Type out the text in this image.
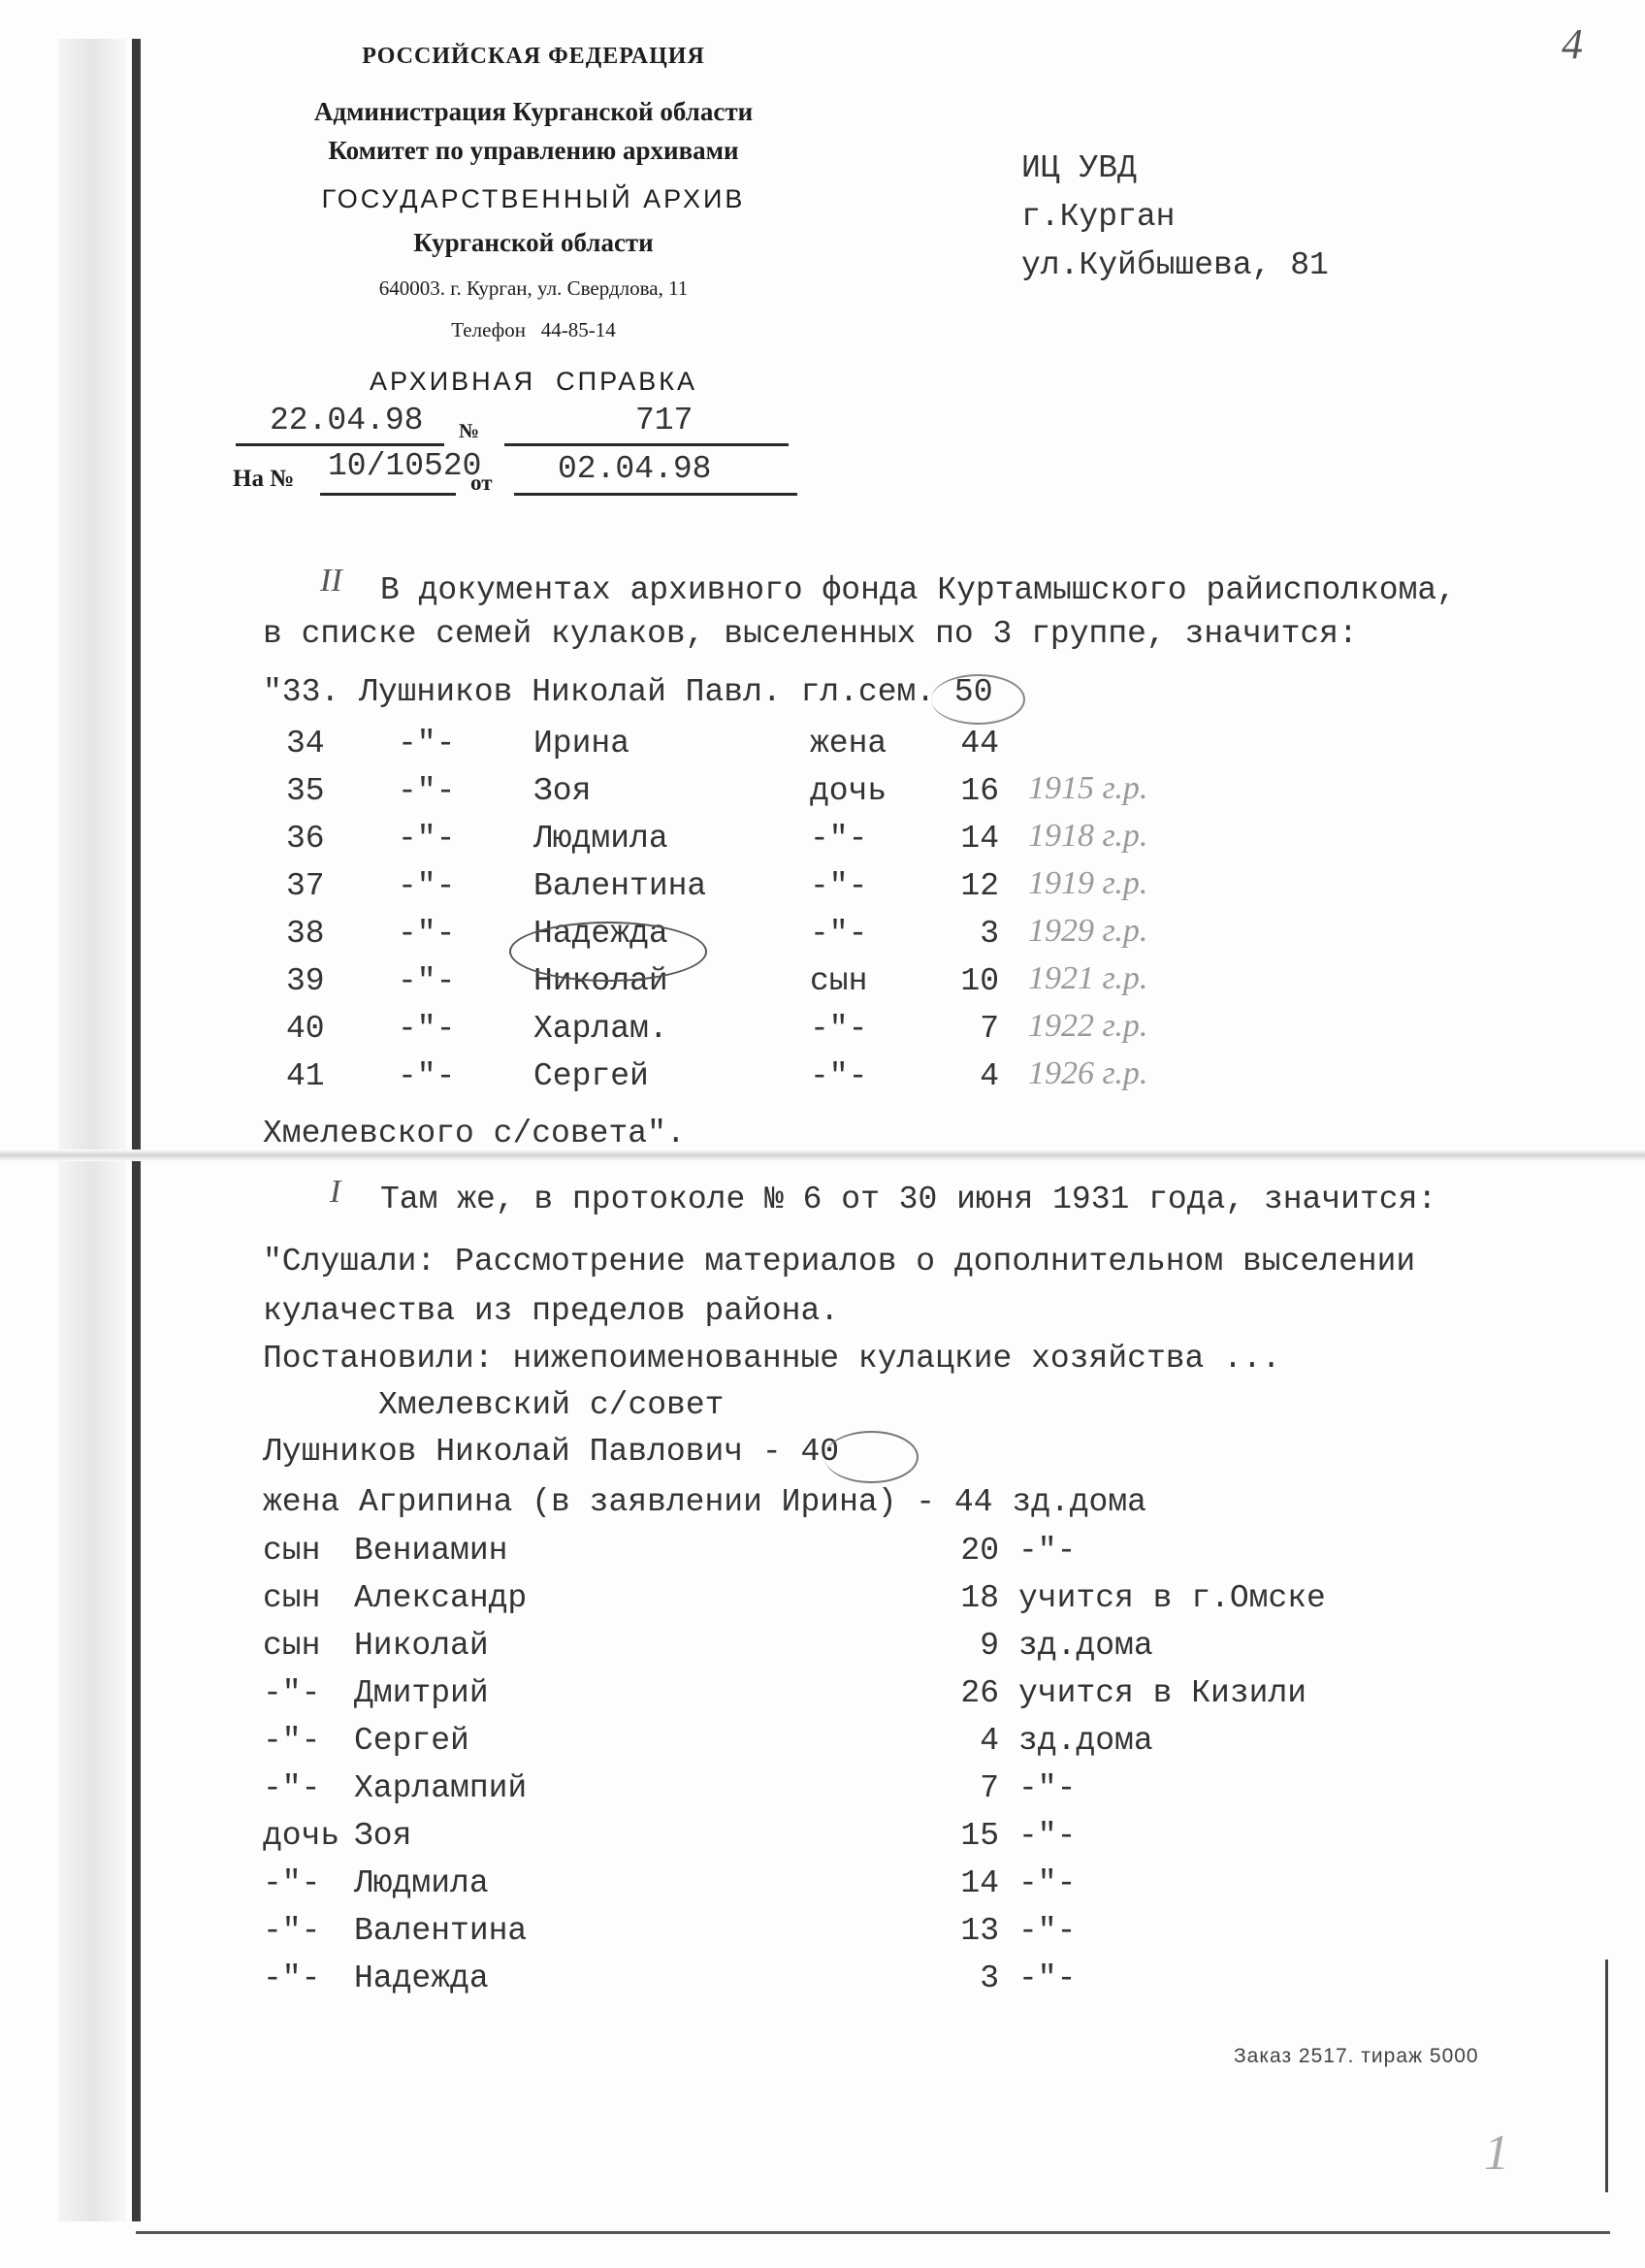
4
РОССИЙСКАЯ ФЕДЕРАЦИЯ
Администрация Курганской области
Комитет по управлению архивами
ГОСУДАРСТВЕННЫЙ АРХИВ
Курганской области
640003. г. Курган, ул. Свердлова, 11
Телефон   44-85-14
АРХИВНАЯ  СПРАВКА
22.04.98 №	717
На № 10/10520
от 02.04.98
ИЦ УВД
г.Курган
ул.Куйбышева, 81
II В документах архивного фонда Куртамышского райисполкома,
в списке семей кулаков, выселенных по 3 группе, значится:
"33. Лушников Николай Павл. гл.сем. 50
34 -"- Ирина	жена	44
35 -"- Зоя	дочь	16 1915 г.р.
36 -"- Людмила	-"-	14 1918 г.р.
37 -"- Валентина	-"-	12 1919 г.р.
38 -"- Надежда	-"-	3 1929 г.р.
39 -"- Николай	сын	10 1921 г.р.
40 -"- Харлам.	-"-	7 1922 г.р.
41 -"- Сергей	-"-	4 1926 г.р.
Хмелевского с/совета".
I Там же, в протоколе № 6 от 30 июня 1931 года, значится:
"Слушали: Рассмотрение материалов о дополнительном выселении
кулачества из пределов района.
Постановили: нижепоименованные кулацкие хозяйства ...
Хмелевский с/совет
Лушников Николай Павлович - 40
жена Агрипина (в заявлении Ирина) - 44 зд.дома
сын Вениамин	20 -"-
сын Александр	18 учится в г.Омске
сын Николай	9 зд.дома
-"- Дмитрий	26 учится в Кизили
-"- Сергей	4 зд.дома
-"- Харлампий	7 -"-
дочь Зоя	15 -"-
-"- Людмила	14 -"-
-"- Валентина	13 -"-
-"- Надежда	3 -"-
Заказ 2517. тираж 5000
1
